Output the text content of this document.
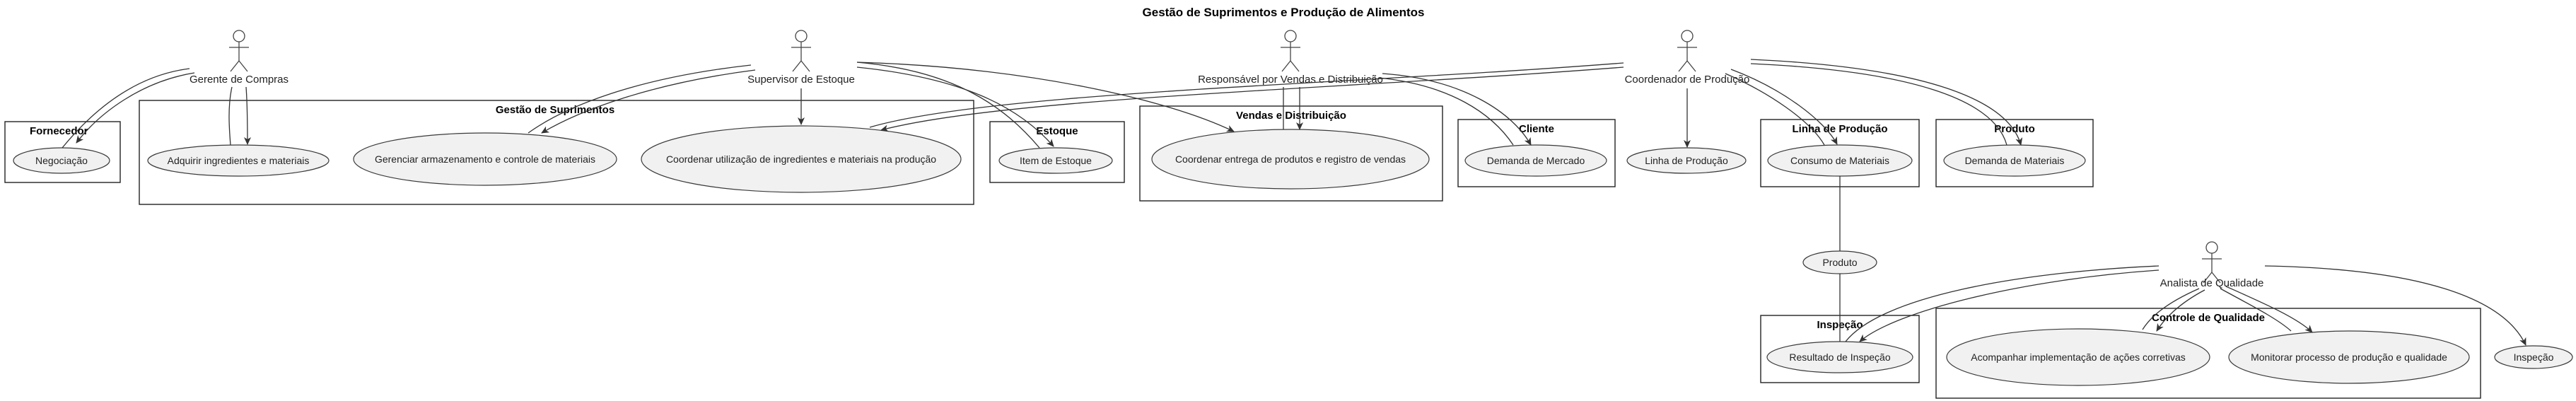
Gestão de Suprimentos e Produção de Alimentos
Fornecedor
Gestão de Suprimentos
Estoque
Vendas e Distribuição
Cliente	Linha de Produção	Produto
Inspeção
Controle de Qualidade
Negociação	Adquirir ingredientes e materiais	Gerenciar armazenamento e controle de materiais	Coordenar utilização de ingredientes e materiais na produção	Item de Estoque	Coordenar entrega de produtos e registro de vendas	Demanda de Mercado	Linha de Produção	Consumo de Materiais	Demanda de Materiais
Produto
Resultado de Inspeção	Acompanhar implementação de ações corretivas	Monitorar processo de produção e qualidade	Inspeção
Gerente de Compras	Supervisor de Estoque	Responsável por Vendas e Distribuição	Coordenador de Produção
Analista de Qualidade
